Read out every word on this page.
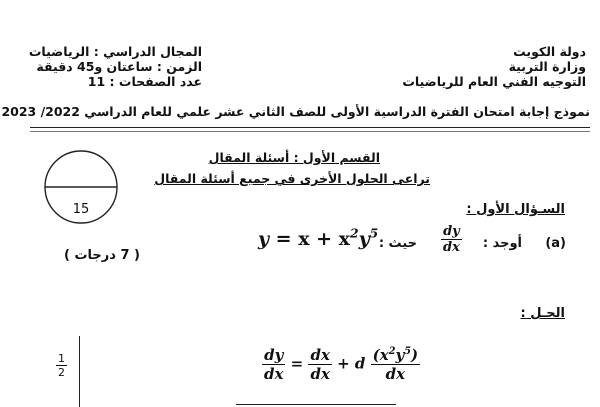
دولة الكويت
وزارة التربية
التوجيه الفني العام للرياضيات
المجال الدراسي : الرياضيات
الزمن : ساعتان و45 دقيقة
عدد الصفحات : 11
نموذج إجابة امتحان الفترة الدراسية الأولى للصف الثاني عشر علمي للعام الدراسي 2022/ 2023
15
القسم الأول : أسئلة المقال
تراعى الحلول الأخرى في جميع أسئلة المقال
السـؤال الأول :
(a)
أوجد :
$\frac{dy}{dx}$
حيث :
$y = x + x^2y^5$
( 7 درجات )
الحـل :
$\frac{1}{2}$	$\frac{dy}{dx} = \frac{dx}{dx} + d \frac{(x^2y^5)}{dx}$
